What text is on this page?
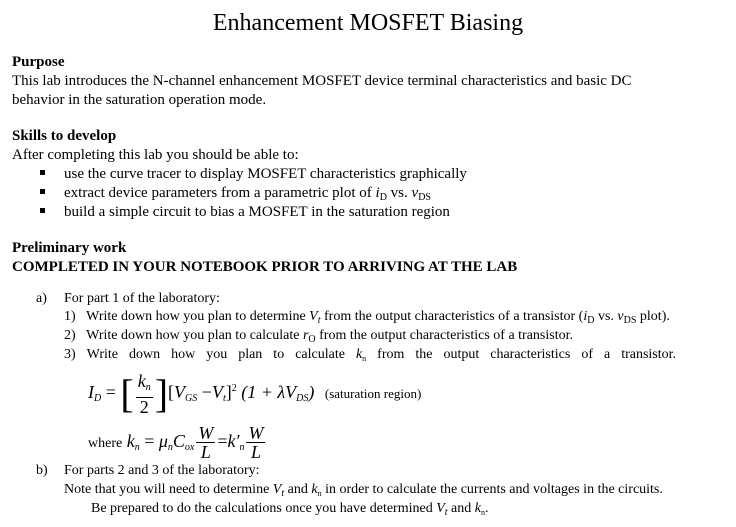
Enhancement MOSFET Biasing
Purpose
This lab introduces the N-channel enhancement MOSFET device terminal characteristics and basic DC
behavior in the saturation operation mode.
Skills to develop
After completing this lab you should be able to:
use the curve tracer to display MOSFET characteristics graphically
extract device parameters from a parametric plot of $i_D$ vs. $v_{DS}$
build a simple circuit to bias a MOSFET in the saturation region
Preliminary work
COMPLETED IN YOUR NOTEBOOK PRIOR TO ARRIVING AT THE LAB
a) For part 1 of the laboratory:
1) Write down how you plan to determine $V_t$ from the output characteristics of a transistor ($i_D$ vs. $v_{DS}$ plot).
2) Write down how you plan to calculate $r_O$ from the output characteristics of a transistor.
3) Write down how you plan to calculate $k_n$ from the output characteristics of a transistor.
ID = [ $\frac{kn}{2} ][VGS -Vt]^2$ (1 + λVDS) (saturation region)
where kn = μnCox $\frac{W}{L} =k'n \frac{W}{L}$
b) For parts 2 and 3 of the laboratory:
Note that you will need to determine $V_t$ and $k_n$ in order to calculate the currents and voltages in the circuits.
Be prepared to do the calculations once you have determined $V_t$ and $k_n$.
